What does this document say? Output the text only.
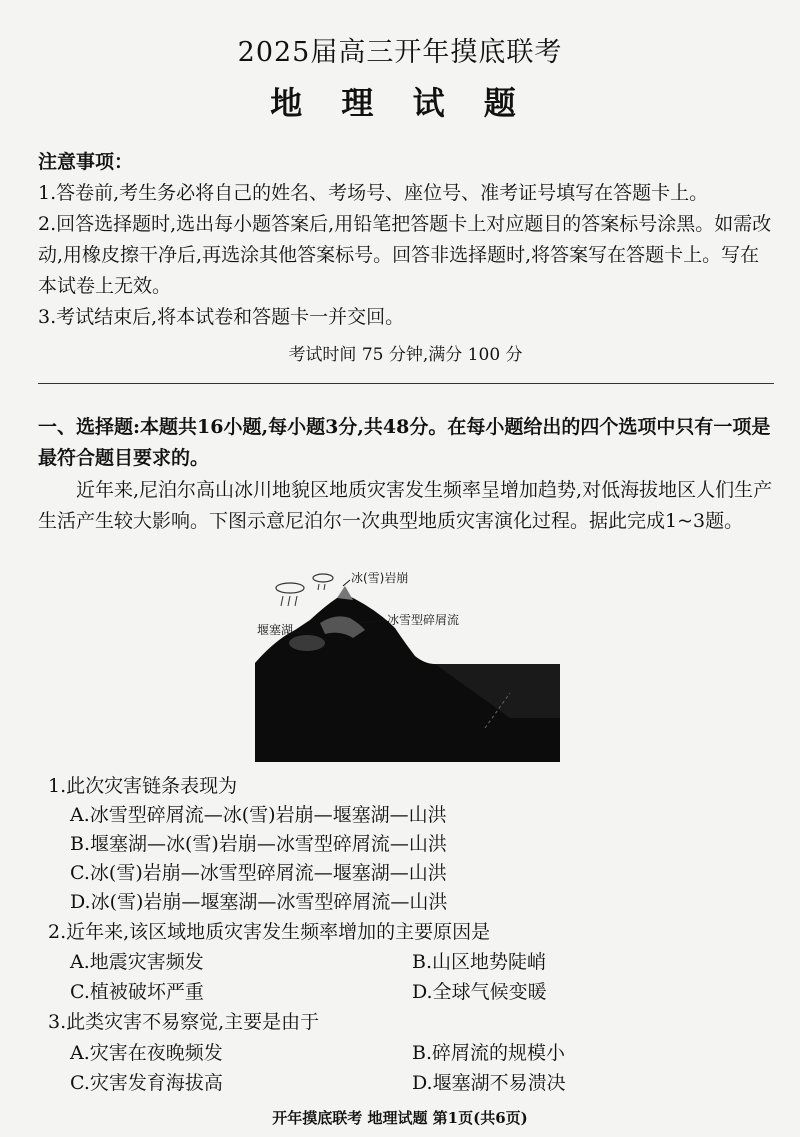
2025届高三开年摸底联考
地 理 试 题
注意事项：
1.答卷前,考生务必将自己的姓名、考场号、座位号、准考证号填写在答题卡上。
2.回答选择题时,选出每小题答案后,用铅笔把答题卡上对应题目的答案标号涂黑。如需改动,用橡皮擦干净后,再选涂其他答案标号。回答非选择题时,将答案写在答题卡上。写在本试卷上无效。
3.考试结束后,将本试卷和答题卡一并交回。
考试时间 75 分钟,满分 100 分
一、选择题:本题共16小题,每小题3分,共48分。在每小题给出的四个选项中只有一项是最符合题目要求的。
近年来,尼泊尔高山冰川地貌区地质灾害发生频率呈增加趋势,对低海拔地区人们生产生活产生较大影响。下图示意尼泊尔一次典型地质灾害演化过程。据此完成1~3题。
冰(雪)岩崩
堰塞湖
冰雪型碎屑流
1.此次灾害链条表现为
A.冰雪型碎屑流—冰(雪)岩崩—堰塞湖—山洪
B.堰塞湖—冰(雪)岩崩—冰雪型碎屑流—山洪
C.冰(雪)岩崩—冰雪型碎屑流—堰塞湖—山洪
D.冰(雪)岩崩—堰塞湖—冰雪型碎屑流—山洪
2.近年来,该区域地质灾害发生频率增加的主要原因是
A.地震灾害频发	B.山区地势陡峭
C.植被破坏严重	D.全球气候变暖
3.此类灾害不易察觉,主要是由于
A.灾害在夜晚频发	B.碎屑流的规模小
C.灾害发育海拔高	D.堰塞湖不易溃决
开年摸底联考 地理试题 第1页(共6页)
